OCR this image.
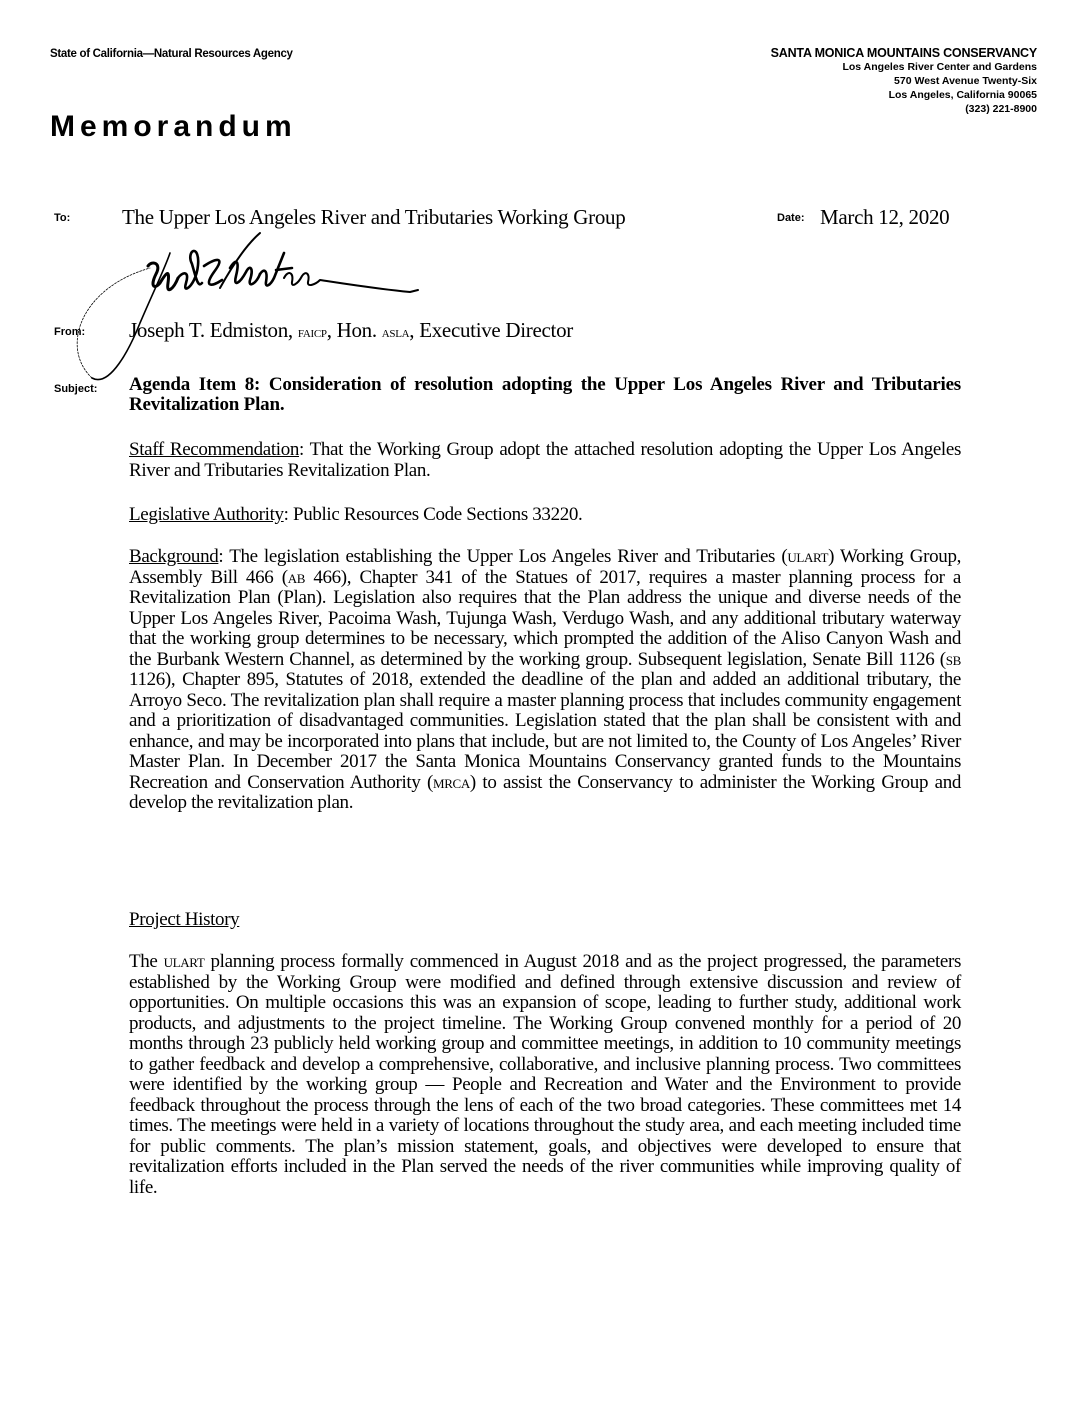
State of California—Natural Resources Agency
Memorandum
SANTA MONICA MOUNTAINS CONSERVANCY
Los Angeles River Center and Gardens
570 West Avenue Twenty-Six
Los Angeles, California 90065
(323) 221-8900
To: The Upper Los Angeles River and Tributaries Working Group	Date: March 12, 2020
From: Joseph T. Edmiston, faicp, Hon. asla, Executive Director
Subject: Agenda Item 8: Consideration of resolution adopting the Upper Los Angeles River and Tributaries Revitalization Plan.
Staff Recommendation: That the Working Group adopt the attached resolution adopting the Upper Los Angeles River and Tributaries Revitalization Plan.
Legislative Authority: Public Resources Code Sections 33220.
Background: The legislation establishing the Upper Los Angeles River and Tributaries (ulart) Working Group, Assembly Bill 466 (ab 466), Chapter 341 of the Statues of 2017, requires a master planning process for a Revitalization Plan (Plan). Legislation also requires that the Plan address the unique and diverse needs of the Upper Los Angeles River, Pacoima Wash, Tujunga Wash, Verdugo Wash, and any additional tributary waterway that the working group determines to be necessary, which prompted the addition of the Aliso Canyon Wash and the Burbank Western Channel, as determined by the working group. Subsequent legislation, Senate Bill 1126 (sb 1126), Chapter 895, Statutes of 2018, extended the deadline of the plan and added an additional tributary, the Arroyo Seco. The revitalization plan shall require a master planning process that includes community engagement and a prioritization of disadvantaged communities. Legislation stated that the plan shall be consistent with and enhance, and may be incorporated into plans that include, but are not limited to, the County of Los Angeles’ River Master Plan. In December 2017 the Santa Monica Mountains Conservancy granted funds to the Mountains Recreation and Conservation Authority (mrca) to assist the Conservancy to administer the Working Group and develop the revitalization plan.
Project History
The ulart planning process formally commenced in August 2018 and as the project progressed, the parameters established by the Working Group were modified and defined through extensive discussion and review of opportunities. On multiple occasions this was an expansion of scope, leading to further study, additional work products, and adjustments to the project timeline. The Working Group convened monthly for a period of 20 months through 23 publicly held working group and committee meetings, in addition to 10 community meetings to gather feedback and develop a comprehensive, collaborative, and inclusive planning process. Two committees were identified by the working group — People and Recreation and Water and the Environment to provide feedback throughout the process through the lens of each of the two broad categories. These committees met 14 times. The meetings were held in a variety of locations throughout the study area, and each meeting included time for public comments. The plan’s mission statement, goals, and objectives were developed to ensure that revitalization efforts included in the Plan served the needs of the river communities while improving quality of life.
